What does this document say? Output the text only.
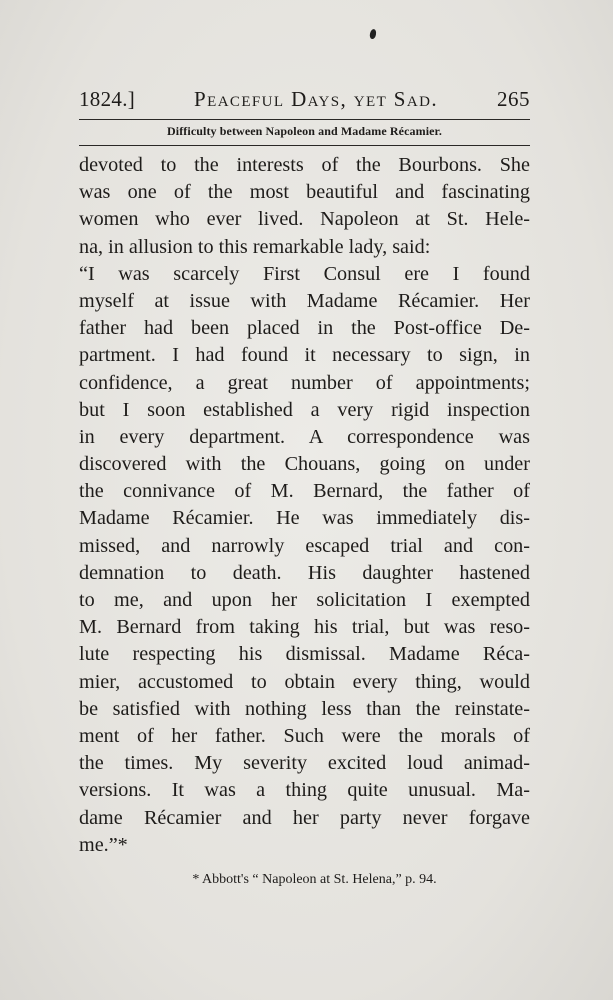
1824.]	Peaceful Days, yet Sad.	265
Difficulty between Napoleon and Madame Récamier.
devoted to the interests of the Bourbons. She
was one of the most beautiful and fascinating
women who ever lived. Napoleon at St. Hele-
na, in allusion to this remarkable lady, said:
“I was scarcely First Consul ere I found
myself at issue with Madame Récamier. Her
father had been placed in the Post-office De-
partment. I had found it necessary to sign, in
confidence, a great number of appointments;
but I soon established a very rigid inspection
in every department. A correspondence was
discovered with the Chouans, going on under
the connivance of M. Bernard, the father of
Madame Récamier. He was immediately dis-
missed, and narrowly escaped trial and con-
demnation to death. His daughter hastened
to me, and upon her solicitation I exempted
M. Bernard from taking his trial, but was reso-
lute respecting his dismissal. Madame Réca-
mier, accustomed to obtain every thing, would
be satisfied with nothing less than the reinstate-
ment of her father. Such were the morals of
the times. My severity excited loud animad-
versions. It was a thing quite unusual. Ma-
dame Récamier and her party never forgave
me.”*
* Abbott's “ Napoleon at St. Helena,” p. 94.
